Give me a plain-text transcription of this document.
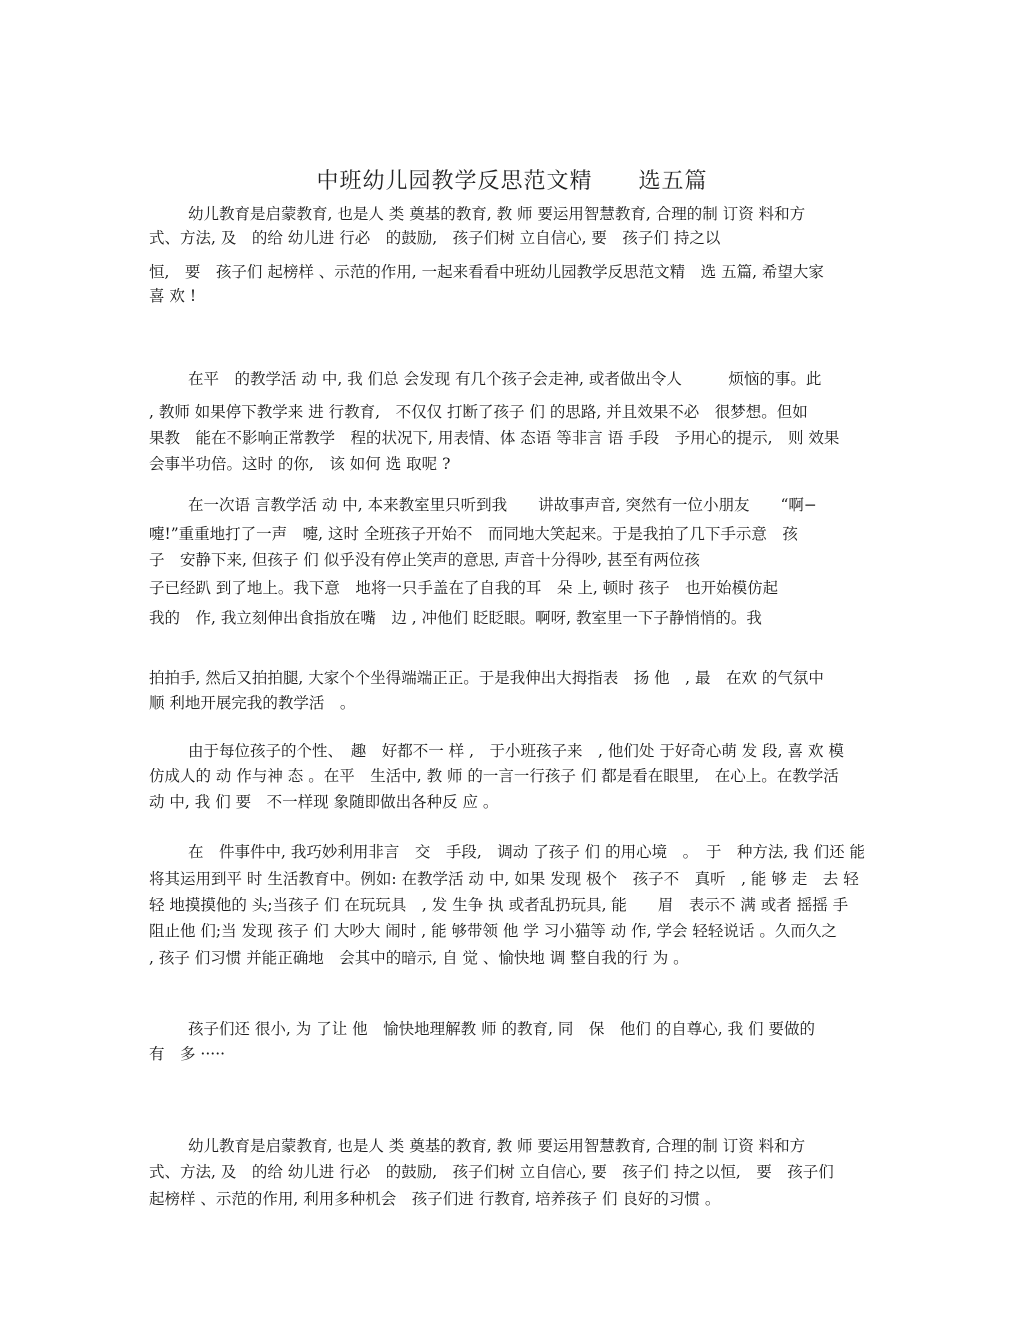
中班幼儿园教学反思范文精　　选五篇
幼儿教育是启蒙教育, 也是人 类 奠基的教育, 教 师 要运用智慧教育, 合理的制 订资 料和方
式、方法, 及　的给 幼儿进 行必　的鼓励,　孩子们树 立自信心, 要　孩子们 持之以
恒,　要　孩子们 起榜样 、示范的作用, 一起来看看中班幼儿园教学反思范文精　选 五篇, 希望大家
喜 欢 !
在平　的教学活 动 中, 我 们总 会发现 有几个孩子会走神, 或者做出令人　　　烦恼的事。此
, 教师 如果停下教学来 进 行教育,　不仅仅 打断了孩子 们 的思路, 并且效果不必　很梦想。但如
果教　能在不影响正常教学　程的状况下, 用表情、体 态语 等非言 语 手段　予用心的提示,　则 效果
会事半功倍。这时 的你,　该 如何 选 取呢 ?
在一次语 言教学活 动 中, 本来教室里只听到我　　讲故事声音, 突然有一位小朋友　　“啊−
嚏!”重重地打了一声　嚏, 这时 全班孩子开始不　而同地大笑起来。于是我拍了几下手示意　孩
子　安静下来, 但孩子 们 似乎没有停止笑声的意思, 声音十分得吵, 甚至有两位孩
子已经趴 到了地上。我下意　地将一只手盖在了自我的耳　朵 上, 顿时 孩子　也开始模仿起
我的　作, 我立刻伸出食指放在嘴　边 , 冲他们 眨眨眼。啊呀, 教室里一下子静悄悄的。我
拍拍手, 然后又拍拍腿, 大家个个坐得端端正正。于是我伸出大拇指表　扬 他　, 最　在欢 的气氛中
顺 利地开展完我的教学活　。
由于每位孩子的个性、　趣　好都不一 样 ,　于小班孩子来　, 他们处 于好奇心萌 发 段, 喜 欢 模
仿成人的 动 作与神 态 。在平　生活中, 教 师 的一言一行孩子 们 都是看在眼里,　在心上。在教学活
动 中, 我 们 要　不一样现 象随即做出各种反 应 。
在　件事件中, 我巧妙利用非言　交　手段,　调动 了孩子 们 的用心境　。　于　种方法, 我 们还 能
将其运用到平 时 生活教育中。例如: 在教学活 动 中, 如果 发现 极个　孩子不　真听　, 能 够 走　去 轻
轻 地摸摸他的 头;当孩子 们 在玩玩具　, 发 生争 执 或者乱扔玩具, 能　　眉　表示不 满 或者 摇摇 手
阻止他 们;当 发现 孩子 们 大吵大 闹时 , 能 够带领 他 学 习小猫等 动 作, 学会 轻轻说话 。久而久之
, 孩子 们习惯 并能正确地　会其中的暗示, 自 觉 、愉快地 调 整自我的行 为 。
孩子们还 很小, 为 了让 他　愉快地理解教 师 的教育, 同　保　他们 的自尊心, 我 们 要做的
有　多 ·····
幼儿教育是启蒙教育, 也是人 类 奠基的教育, 教 师 要运用智慧教育, 合理的制 订资 料和方
式、方法, 及　的给 幼儿进 行必　的鼓励,　孩子们树 立自信心, 要　孩子们 持之以恒,　要　孩子们
起榜样 、示范的作用, 利用多种机会　孩子们进 行教育, 培养孩子 们 良好的习惯 。
